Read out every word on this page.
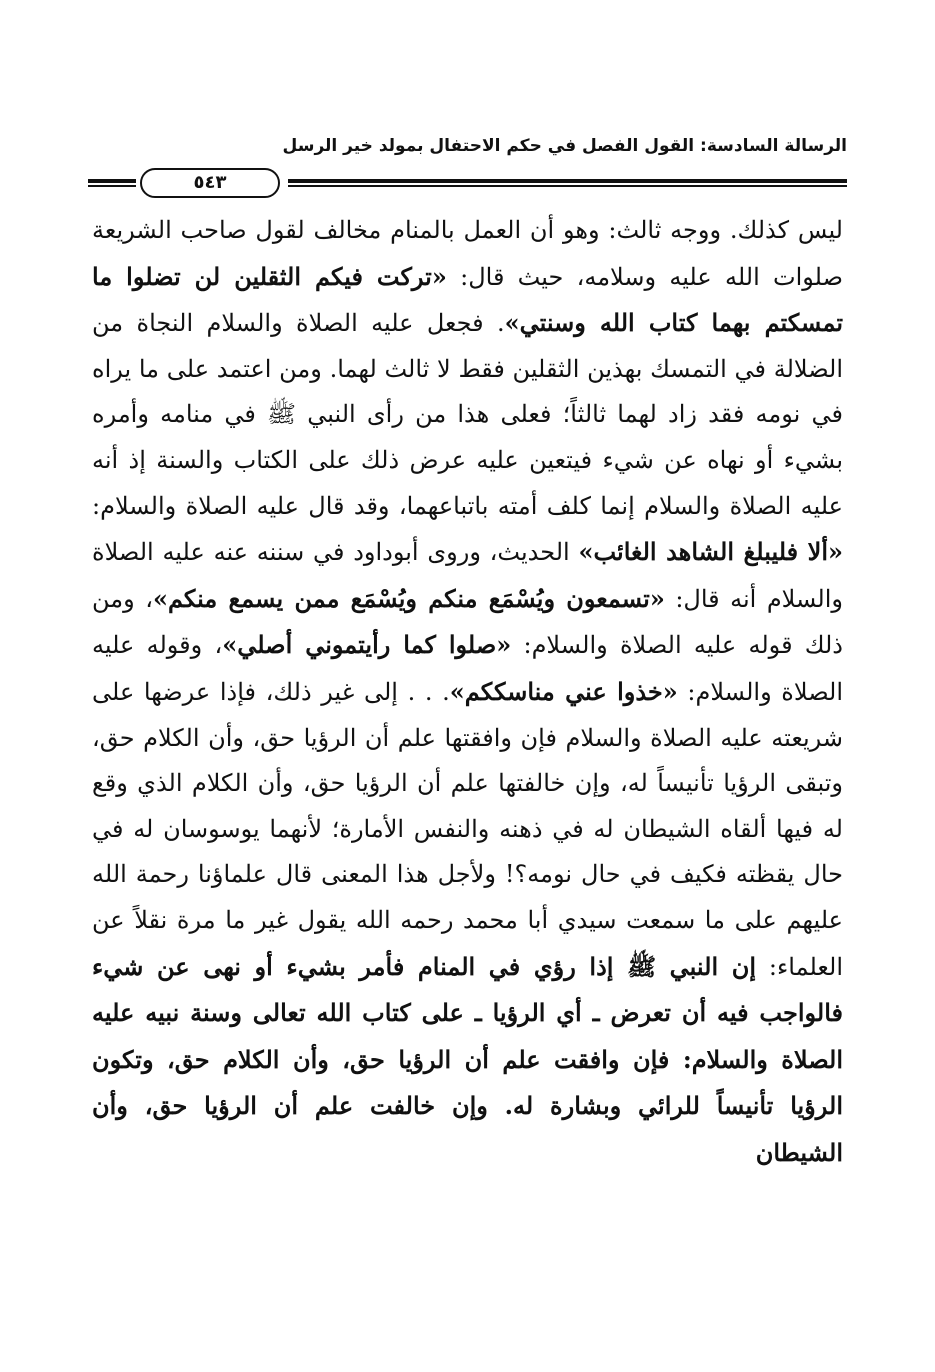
الرسالة السادسة: القول الفصل في حكم الاحتفال بمولد خير الرسل
٥٤٣

ليس كذلك. ووجه ثالث: وهو أن العمل بالمنام مخالف لقول صاحب الشريعة صلوات الله عليه وسلامه، حيث قال: «تركت فيكم الثقلين لن تضلوا ما تمسكتم بهما كتاب الله وسنتي». فجعل عليه الصلاة والسلام النجاة من الضلالة في التمسك بهذين الثقلين فقط لا ثالث لهما. ومن اعتمد على ما يراه في نومه فقد زاد لهما ثالثاً؛ فعلى هذا من رأى النبي ﷺ في منامه وأمره بشيء أو نهاه عن شيء فيتعين عليه عرض ذلك على الكتاب والسنة إذ أنه عليه الصلاة والسلام إنما كلف أمته باتباعهما، وقد قال عليه الصلاة والسلام: «ألا فليبلغ الشاهد الغائب» الحديث، وروى أبوداود في سننه عنه عليه الصلاة والسلام أنه قال: «تسمعون ويُسْمَع منكم ويُسْمَع ممن يسمع منكم»، ومن ذلك قوله عليه الصلاة والسلام: «صلوا كما رأيتموني أصلي»، وقوله عليه الصلاة والسلام: «خذوا عني مناسككم». . . إلى غير ذلك، فإذا عرضها على شريعته عليه الصلاة والسلام فإن وافقتها علم أن الرؤيا حق، وأن الكلام حق، وتبقى الرؤيا تأنيساً له، وإن خالفتها علم أن الرؤيا حق، وأن الكلام الذي وقع له فيها ألقاه الشيطان له في ذهنه والنفس الأمارة؛ لأنهما يوسوسان له في حال يقظته فكيف في حال نومه؟! ولأجل هذا المعنى قال علماؤنا رحمة الله عليهم على ما سمعت سيدي أبا محمد رحمه الله يقول غير ما مرة نقلاً عن العلماء: إن النبي ﷺ إذا رؤي في المنام فأمر بشيء أو نهى عن شيء فالواجب فيه أن تعرض ـ أي الرؤيا ـ على كتاب الله تعالى وسنة نبيه عليه الصلاة والسلام: فإن وافقت علم أن الرؤيا حق، وأن الكلام حق، وتكون الرؤيا تأنيساً للرائي وبشارة له. وإن خالفت علم أن الرؤيا حق، وأن الشيطان
